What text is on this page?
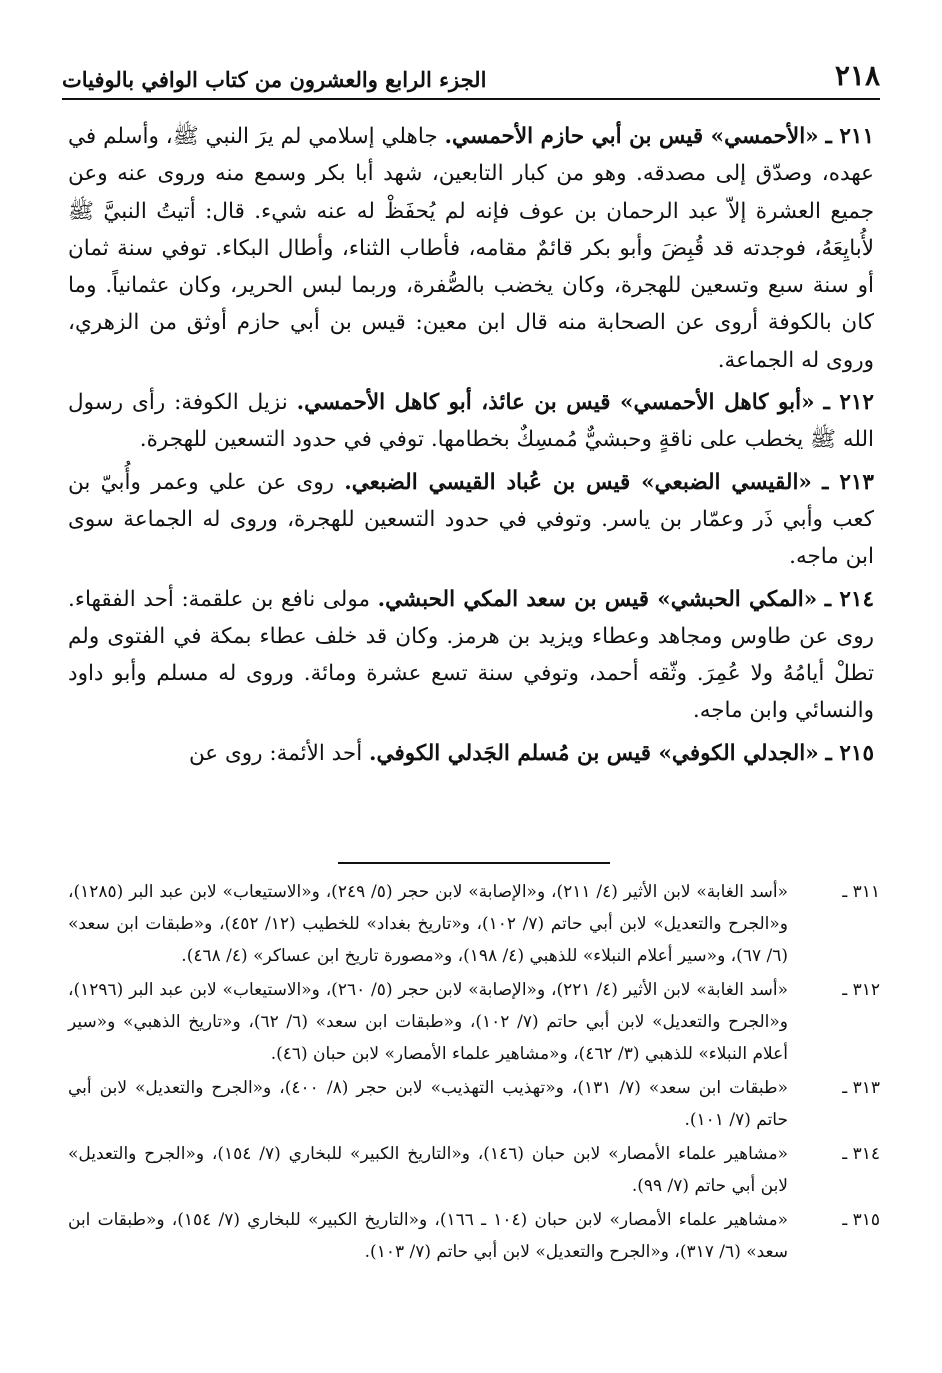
٢١٨
الجزء الرابع والعشرون من كتاب الوافي بالوفيات

٢١١ ـ «الأحمسي» قيس بن أبي حازم الأحمسي. جاهلي إسلامي لم يرَ النبي ﷺ، وأسلم في عهده، وصدّق إلى مصدقه. وهو من كبار التابعين، شهد أبا بكر وسمع منه وروى عنه وعن جميع العشرة إلاّ عبد الرحمان بن عوف فإنه لم يُحفَظْ له عنه شيء. قال: أتيتُ النبيَّ ﷺ لأُبايِعَهُ، فوجدته قد قُبِضَ وأبو بكر قائمٌ مقامه، فأطاب الثناء، وأطال البكاء. توفي سنة ثمان أو سنة سبع وتسعين للهجرة، وكان يخضب بالصُّفرة، وربما لبس الحرير، وكان عثمانياً. وما كان بالكوفة أروى عن الصحابة منه قال ابن معين: قيس بن أبي حازم أوثق من الزهري، وروى له الجماعة.

٢١٢ ـ «أبو كاهل الأحمسي» قيس بن عائذ، أبو كاهل الأحمسي. نزيل الكوفة: رأى رسول الله ﷺ يخطب على ناقةٍ وحبشيٌّ مُمسِكٌ بخطامها. توفي في حدود التسعين للهجرة.

٢١٣ ـ «القيسي الضبعي» قيس بن عُباد القيسي الضبعي. روى عن علي وعمر وأُبيّ بن كعب وأبي ذَر وعمّار بن ياسر. وتوفي في حدود التسعين للهجرة، وروى له الجماعة سوى ابن ماجه.

٢١٤ ـ «المكي الحبشي» قيس بن سعد المكي الحبشي. مولى نافع بن علقمة: أحد الفقهاء. روى عن طاوس ومجاهد وعطاء ويزيد بن هرمز. وكان قد خلف عطاء بمكة في الفتوى ولم تطلْ أيامُهُ ولا عُمِرَ. وثّقه أحمد، وتوفي سنة تسع عشرة ومائة. وروى له مسلم وأبو داود والنسائي وابن ماجه.

٢١٥ ـ «الجدلي الكوفي» قيس بن مُسلم الجَدلي الكوفي. أحد الأئمة: روى عن

٣١١ ـ
«أسد الغابة» لابن الأثير (٤/ ٢١١)، و«الإصابة» لابن حجر (٥/ ٢٤٩)، و«الاستيعاب» لابن عبد البر (١٢٨٥)، و«الجرح والتعديل» لابن أبي حاتم (٧/ ١٠٢)، و«تاريخ بغداد» للخطيب (١٢/ ٤٥٢)، و«طبقات ابن سعد» (٦/ ٦٧)، و«سير أعلام النبلاء» للذهبي (٤/ ١٩٨)، و«مصورة تاريخ ابن عساكر» (٤/ ٤٦٨).
٣١٢ ـ
«أسد الغابة» لابن الأثير (٤/ ٢٢١)، و«الإصابة» لابن حجر (٥/ ٢٦٠)، و«الاستيعاب» لابن عبد البر (١٢٩٦)، و«الجرح والتعديل» لابن أبي حاتم (٧/ ١٠٢)، و«طبقات ابن سعد» (٦/ ٦٢)، و«تاريخ الذهبي» و«سير أعلام النبلاء» للذهبي (٣/ ٤٦٢)، و«مشاهير علماء الأمصار» لابن حبان (٤٦).
٣١٣ ـ
«طبقات ابن سعد» (٧/ ١٣١)، و«تهذيب التهذيب» لابن حجر (٨/ ٤٠٠)، و«الجرح والتعديل» لابن أبي حاتم (٧/ ١٠١).
٣١٤ ـ
«مشاهير علماء الأمصار» لابن حبان (١٤٦)، و«التاريخ الكبير» للبخاري (٧/ ١٥٤)، و«الجرح والتعديل» لابن أبي حاتم (٧/ ٩٩).
٣١٥ ـ
«مشاهير علماء الأمصار» لابن حبان (١٠٤ ـ ١٦٦)، و«التاريخ الكبير» للبخاري (٧/ ١٥٤)، و«طبقات ابن سعد» (٦/ ٣١٧)، و«الجرح والتعديل» لابن أبي حاتم (٧/ ١٠٣).
